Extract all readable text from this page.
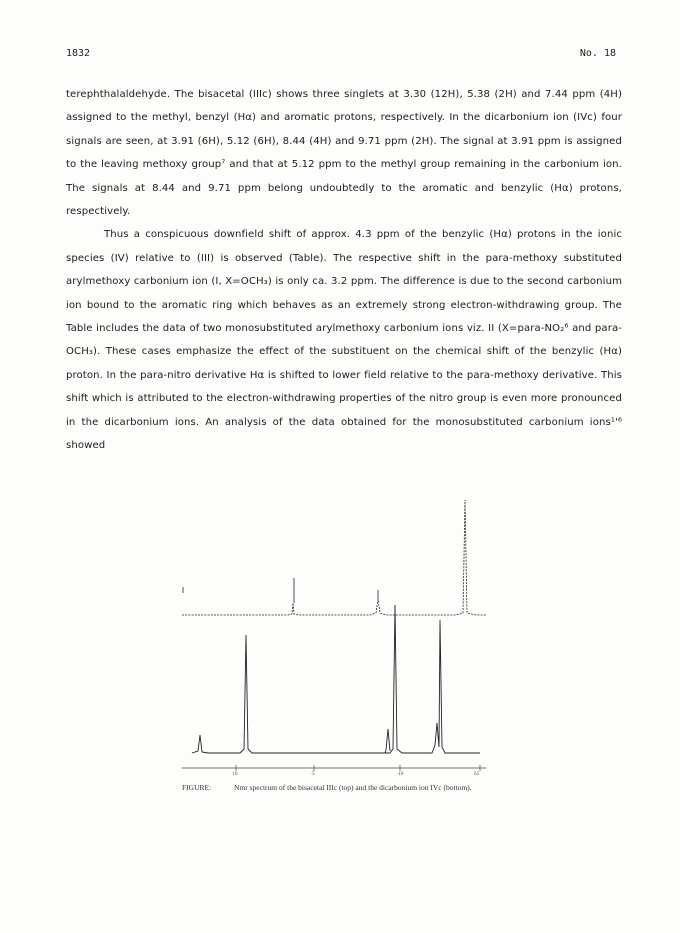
1832	No. 18

terephthalaldehyde. The bisacetal (IIIc) shows three singlets at 3.30 (12H), 5.38 (2H) and 7.44 ppm (4H) assigned to the methyl, benzyl (Hα) and aromatic protons, respectively. In the dicarbonium ion (IVc) four signals are seen, at 3.91 (6H), 5.12 (6H), 8.44 (4H) and 9.71 ppm (2H). The signal at 3.91 ppm is assigned to the leaving methoxy group⁷ and that at 5.12 ppm to the methyl group remaining in the carbonium ion. The signals at 8.44 and 9.71 ppm belong undoubtedly to the aromatic and benzylic (Hα) protons, respectively.

Thus a conspicuous downfield shift of approx. 4.3 ppm of the benzylic (Hα) protons in the ionic species (IV) relative to (III) is observed (Table). The respective shift in the para-methoxy substituted arylmethoxy carbonium ion (I, X=OCH₃) is only ca. 3.2 ppm. The difference is due to the second carbonium ion bound to the aromatic ring which behaves as an extremely strong electron-withdrawing group. The Table includes the data of two monosubstituted arylmethoxy carbonium ions viz. II (X=para-NO₂⁶ and para-OCH₃). These cases emphasize the effect of the substituent on the chemical shift of the benzylic (Hα) proton. In the para-nitro derivative Hα is shifted to lower field relative to the para-methoxy derivative. This shift which is attributed to the electron-withdrawing properties of the nitro group is even more pronounced in the dicarbonium ions. An analysis of the data obtained for the monosubstituted carbonium ions¹'⁶ showed

10	·5	·10	δ5
FIGURE:	Nmr spectrum of the bisacetal IIIc (top) and the dicarbonium ion IVc (bottom).
